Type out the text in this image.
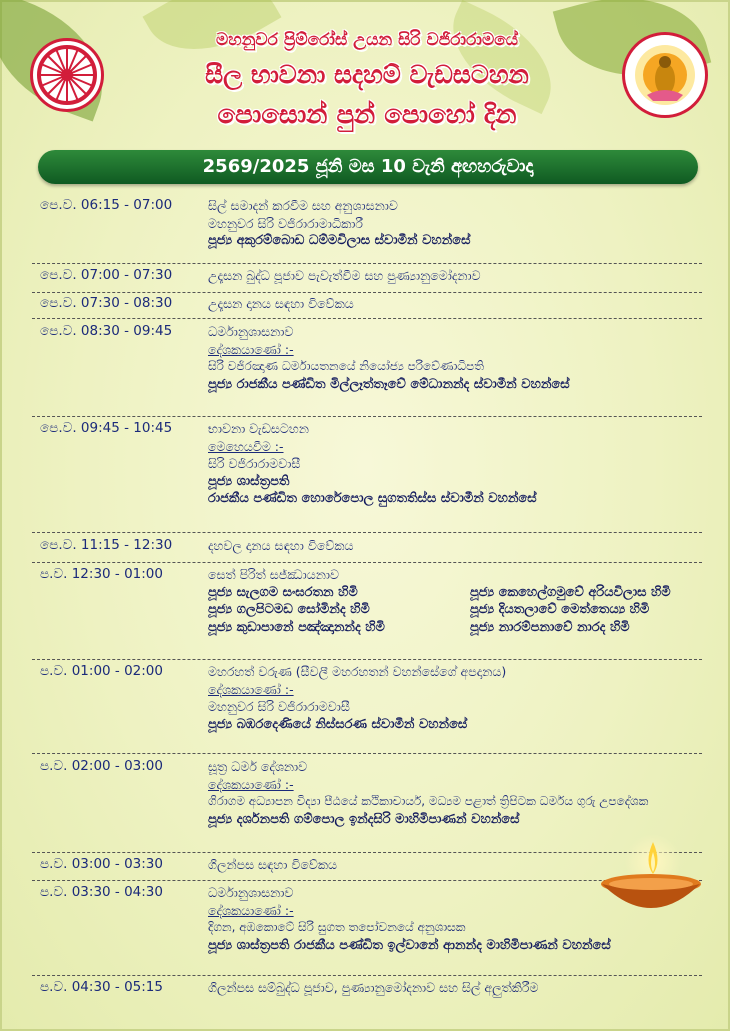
මහනුවර ප්‍රිම්රෝස් උයන සිරි වජිරාරාමයේ
සීල භාවනා සදහම් වැඩසටහන
පොසොන් පුන් පොහෝ දින
2569/2025 ජූනි මස 10 වැනි අඟහරුවාදා
පෙ.ව. 06:15 - 07:00	සිල් සමාදන් කරවීම සහ අනුශාසනාව
මහනුවර සිරි වජිරාරාමාධිකාරී
පූජ්‍ය අකුරම්බොඩ ධම්මවිලාස ස්වාමීන් වහන්සේ
පෙ.ව. 07:00 - 07:30	උදෑසන බුද්ධ පූජාව පැවැත්වීම සහ පුණ්‍යානුමෝදනාව
පෙ.ව. 07:30 - 08:30	උදෑසන දානය සඳහා විවේකය
පෙ.ව. 08:30 - 09:45	ධර්මානුශාසනාව
දේශකයාණෝ :-
සිරි වජිරඤාණ ධර්මායතනයේ නියෝජ්‍ය පරිවේණාධිපති
පූජ්‍ය රාජකීය පණ්ඩිත මිල්ලෑත්තෑවේ මේධානන්ද ස්වාමීන් වහන්සේ
පෙ.ව. 09:45 - 10:45	භාවනා වැඩසටහන
මෙහෙයවීම :-
සිරි වජිරාරාමවාසී
පූජ්‍ය ශාස්ත්‍රපති
රාජකීය පණ්ඩිත හොරේපොල සුගතතිස්ස ස්වාමීන් වහන්සේ
පෙ.ව. 11:15 - 12:30	දහවල දානය සඳහා විවේකය
ප.ව. 12:30 - 01:00	සෙත් පිරිත් සජ්ඣායනාව
පූජ්‍ය සැලගම සංඝරතන හිමි	පූජ්‍ය කෙහෙල්ගමුවේ අරියවිලාස හිමි
පූජ්‍ය ගලපිටමඩ සෝමින්ද හිමි	පූජ්‍ය දියතලාවේ මෙත්තෙය්‍ය හිමි
පූජ්‍ය කුඩාපානේ පඤ්ඤානන්ද හිමි	පූජ්‍ය නාරම්පනාවේ නාරද හිමි
ප.ව. 01:00 - 02:00	මහරහත් වරුණ (සීවලී මහරහතන් වහන්සේගේ අපදානය)
දේශකයාණෝ :-
මහනුවර සිරි වජිරාරාමවාසී
පූජ්‍ය බඹරදෙණියේ නිස්සරණ ස්වාමීන් වහන්සේ
ප.ව. 02:00 - 03:00	සූත්‍ර ධර්ම දේශනාව
දේශකයාණෝ :-
ගිරාගම අධ්‍යාපන විද්‍යා පීඨයේ කථිකාචාර්ය, මධ්‍යම පළාත් ත්‍රිපිටක ධර්මය ගුරු උපදේශක
පූජ්‍ය දර්ශනපති ගම්පොල ඉන්දසිරි මාහිමිපාණන් වහන්සේ
ප.ව. 03:00 - 03:30	ගිලන්පස සඳහා විවේකය
ප.ව. 03:30 - 04:30	ධර්මානුශාසනාව
දේශකයාණෝ :-
දිගන, අඹකොටේ සිරි සුගත තපෝවනයේ අනුශාසක
පූජ්‍ය ශාස්ත්‍රපති රාජකීය පණ්ඩිත ඉල්වානේ ආනන්ද මාහිමිපාණන් වහන්සේ
ප.ව. 04:30 - 05:15	ගිලන්පස සම්බුද්ධ පූජාව, පුණ්‍යානුමෝදනාව සහ සිල් අලුත්කිරීම
